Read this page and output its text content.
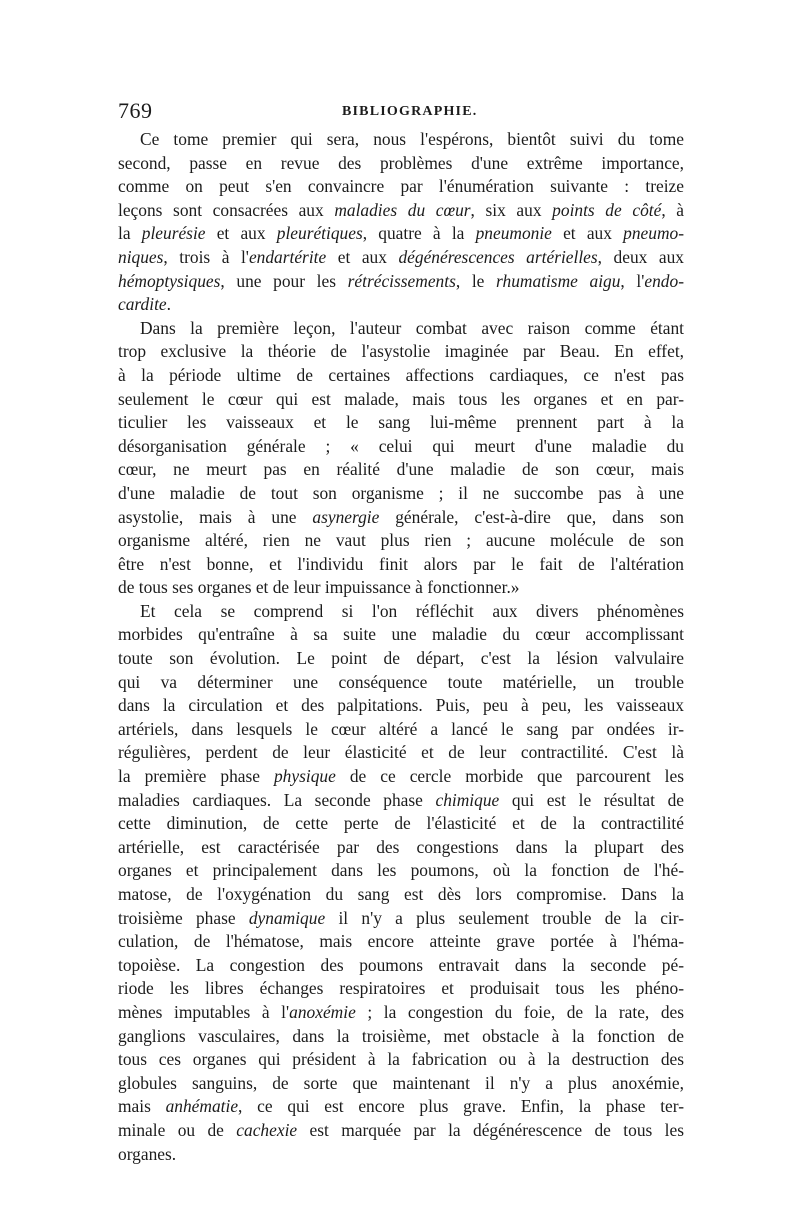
769	BIBLIOGRAPHIE.
Ce tome premier qui sera, nous l'espérons, bientôt suivi du tome
second, passe en revue des problèmes d'une extrême importance,
comme on peut s'en convaincre par l'énumération suivante : treize
leçons sont consacrées aux maladies du cœur, six aux points de côté, à
la pleurésie et aux pleurétiques, quatre à la pneumonie et aux pneumo-
niques, trois à l'endartérite et aux dégénérescences artérielles, deux aux
hémoptysiques, une pour les rétrécissements, le rhumatisme aigu, l'endo-
cardite.
Dans la première leçon, l'auteur combat avec raison comme étant
trop exclusive la théorie de l'asystolie imaginée par Beau. En effet,
à la période ultime de certaines affections cardiaques, ce n'est pas
seulement le cœur qui est malade, mais tous les organes et en par-
ticulier les vaisseaux et le sang lui-même prennent part à la
désorganisation générale ; « celui qui meurt d'une maladie du
cœur, ne meurt pas en réalité d'une maladie de son cœur, mais
d'une maladie de tout son organisme ; il ne succombe pas à une
asystolie, mais à une asynergie générale, c'est-à-dire que, dans son
organisme altéré, rien ne vaut plus rien ; aucune molécule de son
être n'est bonne, et l'individu finit alors par le fait de l'altération
de tous ses organes et de leur impuissance à fonctionner.»
Et cela se comprend si l'on réfléchit aux divers phénomènes
morbides qu'entraîne à sa suite une maladie du cœur accomplissant
toute son évolution. Le point de départ, c'est la lésion valvulaire
qui va déterminer une conséquence toute matérielle, un trouble
dans la circulation et des palpitations. Puis, peu à peu, les vaisseaux
artériels, dans lesquels le cœur altéré a lancé le sang par ondées ir-
régulières, perdent de leur élasticité et de leur contractilité. C'est là
la première phase physique de ce cercle morbide que parcourent les
maladies cardiaques. La seconde phase chimique qui est le résultat de
cette diminution, de cette perte de l'élasticité et de la contractilité
artérielle, est caractérisée par des congestions dans la plupart des
organes et principalement dans les poumons, où la fonction de l'hé-
matose, de l'oxygénation du sang est dès lors compromise. Dans la
troisième phase dynamique il n'y a plus seulement trouble de la cir-
culation, de l'hématose, mais encore atteinte grave portée à l'héma-
topoièse. La congestion des poumons entravait dans la seconde pé-
riode les libres échanges respiratoires et produisait tous les phéno-
mènes imputables à l'anoxémie ; la congestion du foie, de la rate, des
ganglions vasculaires, dans la troisième, met obstacle à la fonction de
tous ces organes qui président à la fabrication ou à la destruction des
globules sanguins, de sorte que maintenant il n'y a plus anoxémie,
mais anhématie, ce qui est encore plus grave. Enfin, la phase ter-
minale ou de cachexie est marquée par la dégénérescence de tous les
organes.
